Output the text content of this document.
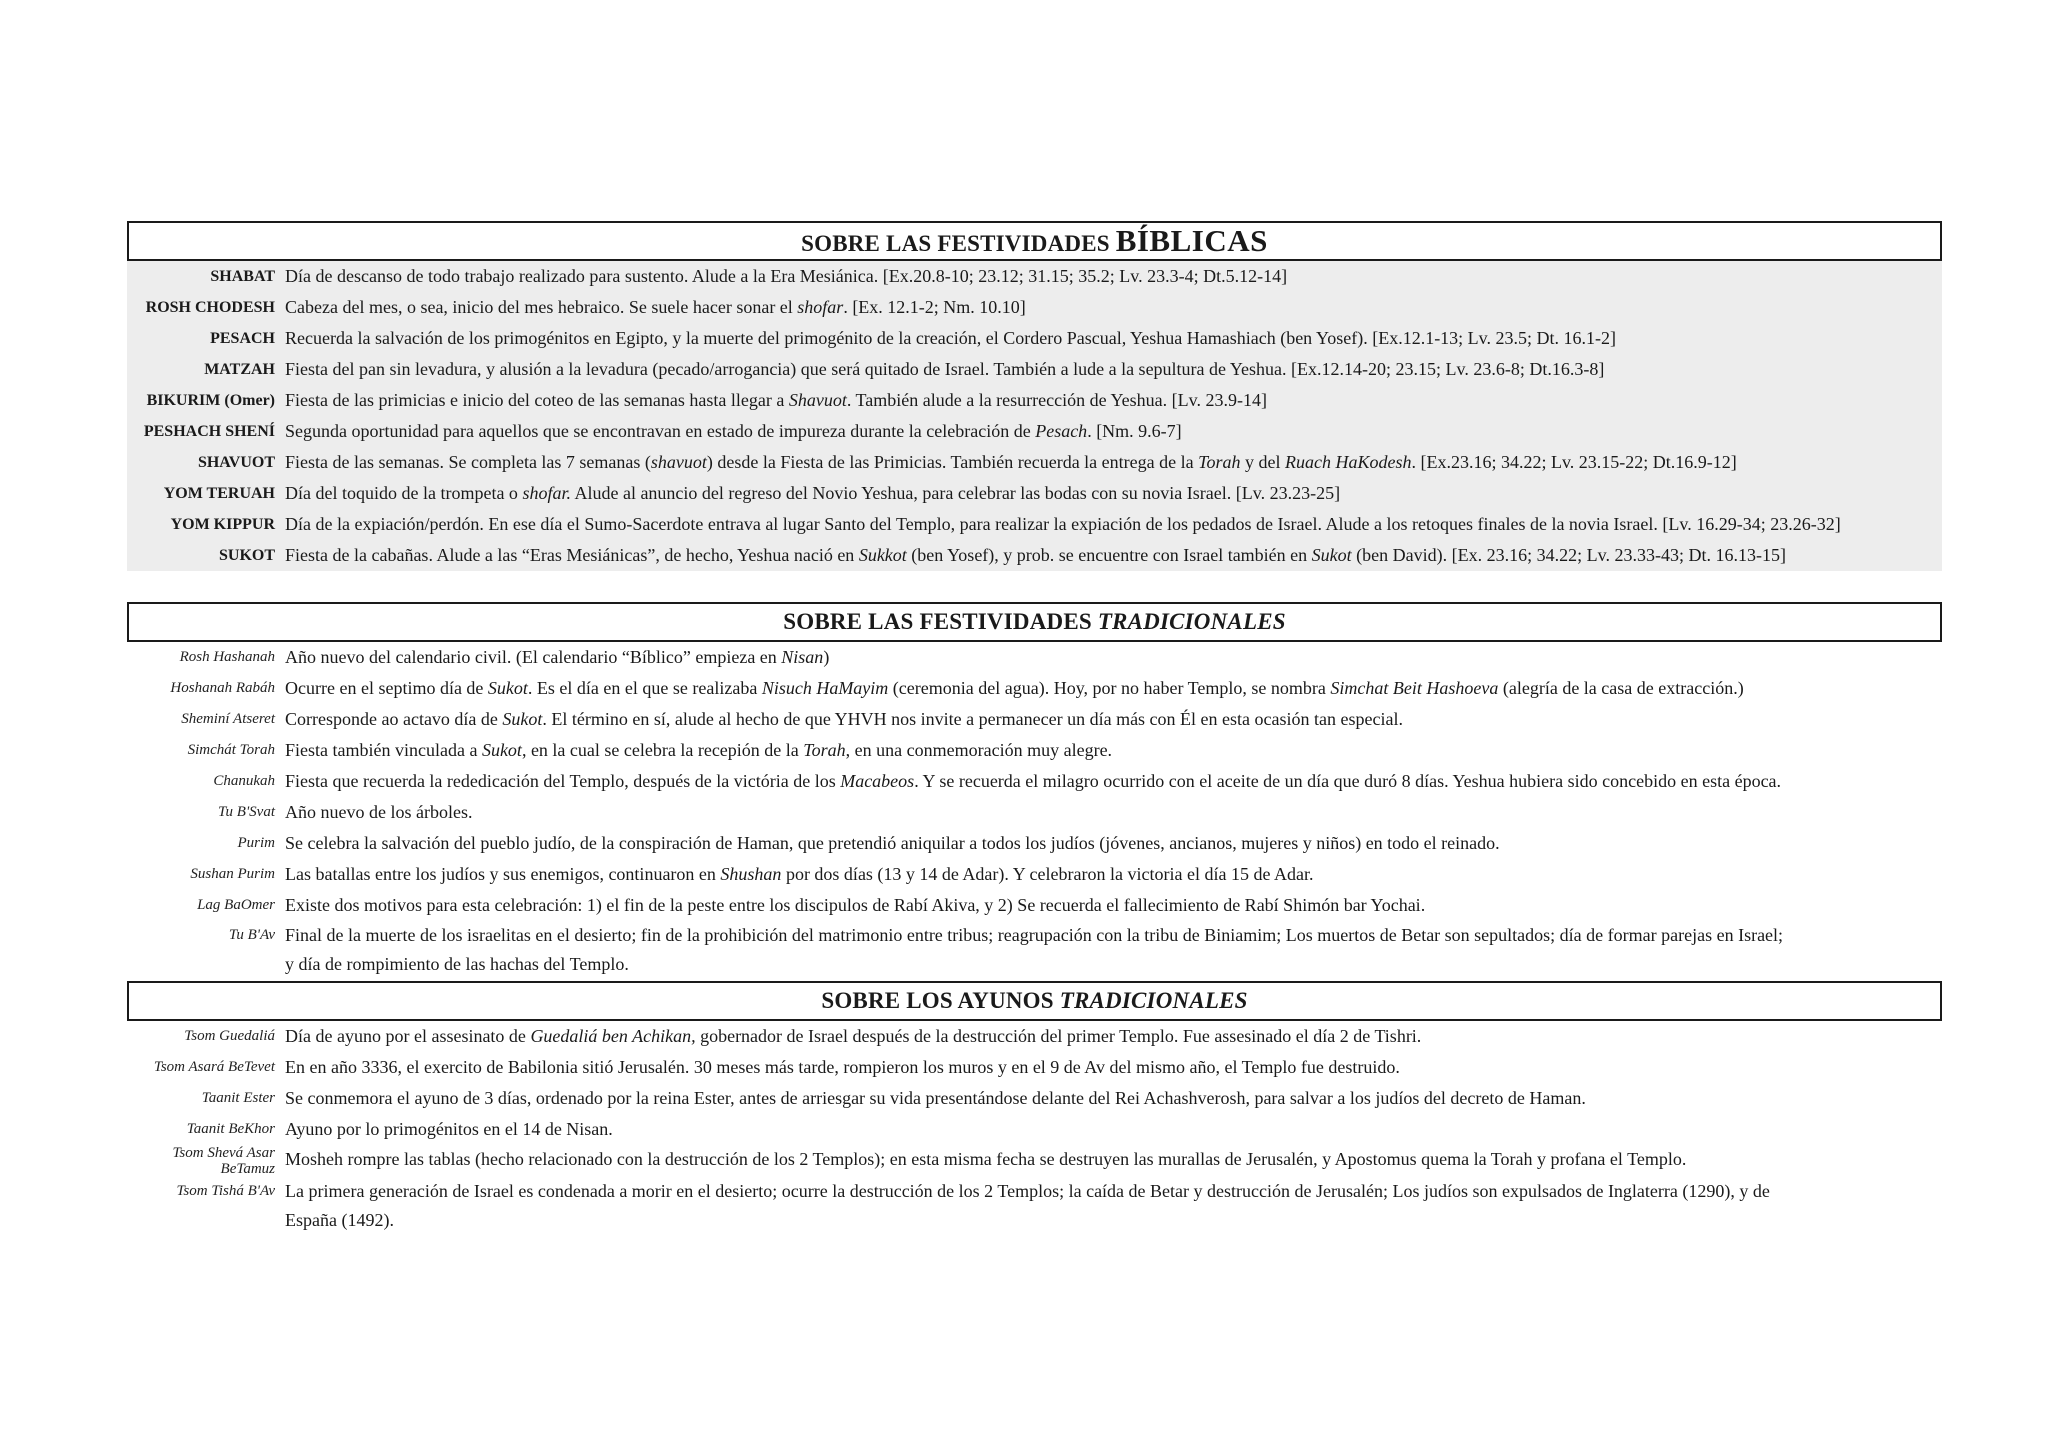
SOBRE LAS FESTIVIDADES BÍBLICAS
SHABAT Día de descanso de todo trabajo realizado para sustento. Alude a la Era Mesiánica. [Ex.20.8-10; 23.12; 31.15; 35.2; Lv. 23.3-4; Dt.5.12-14]
ROSH CHODESH Cabeza del mes, o sea, inicio del mes hebraico. Se suele hacer sonar el shofar. [Ex. 12.1-2; Nm. 10.10]
PESACH Recuerda la salvación de los primogénitos en Egipto, y la muerte del primogénito de la creación, el Cordero Pascual, Yeshua Hamashiach (ben Yosef). [Ex.12.1-13; Lv. 23.5; Dt. 16.1-2]
MATZAH Fiesta del pan sin levadura, y alusión a la levadura (pecado/arrogancia) que será quitado de Israel. También a lude a la sepultura de Yeshua. [Ex.12.14-20; 23.15; Lv. 23.6-8; Dt.16.3-8]
BIKURIM (Omer) Fiesta de las primicias e inicio del coteo de las semanas hasta llegar a Shavuot. También alude a la resurrección de Yeshua. [Lv. 23.9-14]
PESHACH SHENÍ Segunda oportunidad para aquellos que se encontravan en estado de impureza durante la celebración de Pesach. [Nm. 9.6-7]
SHAVUOT Fiesta de las semanas. Se completa las 7 semanas (shavuot) desde la Fiesta de las Primicias. También recuerda la entrega de la Torah y del Ruach HaKodesh. [Ex.23.16; 34.22; Lv. 23.15-22; Dt.16.9-12]
YOM TERUAH Día del toquido de la trompeta o shofar. Alude al anuncio del regreso del Novio Yeshua, para celebrar las bodas con su novia Israel. [Lv. 23.23-25]
YOM KIPPUR Día de la expiación/perdón. En ese día el Sumo-Sacerdote entrava al lugar Santo del Templo, para realizar la expiación de los pedados de Israel. Alude a los retoques finales de la novia Israel. [Lv. 16.29-34; 23.26-32]
SUKOT Fiesta de la cabañas. Alude a las “Eras Mesiánicas”, de hecho, Yeshua nació en Sukkot (ben Yosef), y prob. se encuentre con Israel también en Sukot (ben David). [Ex. 23.16; 34.22; Lv. 23.33-43; Dt. 16.13-15]
SOBRE LAS FESTIVIDADES TRADICIONALES
Rosh Hashanah Año nuevo del calendario civil. (El calendario “Bíblico” empieza en Nisan)
Hoshanah Rabáh Ocurre en el septimo día de Sukot. Es el día en el que se realizaba Nisuch HaMayim (ceremonia del agua). Hoy, por no haber Templo, se nombra Simchat Beit Hashoeva (alegría de la casa de extracción.)
Sheminí Atseret Corresponde ao actavo día de Sukot. El término en sí, alude al hecho de que YHVH nos invite a permanecer un día más con Él en esta ocasión tan especial.
Simchát Torah Fiesta también vinculada a Sukot, en la cual se celebra la recepión de la Torah, en una conmemoración muy alegre.
Chanukah Fiesta que recuerda la rededicación del Templo, después de la victória de los Macabeos. Y se recuerda el milagro ocurrido con el aceite de un día que duró 8 días. Yeshua hubiera sido concebido en esta época.
Tu B'Svat Año nuevo de los árboles.
Purim Se celebra la salvación del pueblo judío, de la conspiración de Haman, que pretendió aniquilar a todos los judíos (jóvenes, ancianos, mujeres y niños) en todo el reinado.
Sushan Purim Las batallas entre los judíos y sus enemigos, continuaron en Shushan por dos días (13 y 14 de Adar). Y celebraron la victoria el día 15 de Adar.
Lag BaOmer Existe dos motivos para esta celebración: 1) el fin de la peste entre los discipulos de Rabí Akiva, y 2) Se recuerda el fallecimiento de Rabí Shimón bar Yochai.
Tu B'Av Final de la muerte de los israelitas en el desierto; fin de la prohibición del matrimonio entre tribus; reagrupación con la tribu de Biniamim; Los muertos de Betar son sepultados; día de formar parejas en Israel;
y día de rompimiento de las hachas del Templo.
SOBRE LOS AYUNOS TRADICIONALES
Tsom Guedaliá Día de ayuno por el assesinato de Guedaliá ben Achikan, gobernador de Israel después de la destrucción del primer Templo. Fue assesinado el día 2 de Tishri.
Tsom Asará BeTevet En en año 3336, el exercito de Babilonia sitió Jerusalén. 30 meses más tarde, rompieron los muros y en el 9 de Av del mismo año, el Templo fue destruido.
Taanit Ester Se conmemora el ayuno de 3 días, ordenado por la reina Ester, antes de arriesgar su vida presentándose delante del Rei Achashverosh, para salvar a los judíos del decreto de Haman.
Taanit BeKhor Ayuno por lo primogénitos en el 14 de Nisan.
Tsom Shevá Asar
BeTamuz Mosheh rompre las tablas (hecho relacionado con la destrucción de los 2 Templos); en esta misma fecha se destruyen las murallas de Jerusalén, y Apostomus quema la Torah y profana el Templo.
Tsom Tishá B'Av La primera generación de Israel es condenada a morir en el desierto; ocurre la destrucción de los 2 Templos; la caída de Betar y destrucción de Jerusalén; Los judíos son expulsados de Inglaterra (1290), y de
España (1492).
